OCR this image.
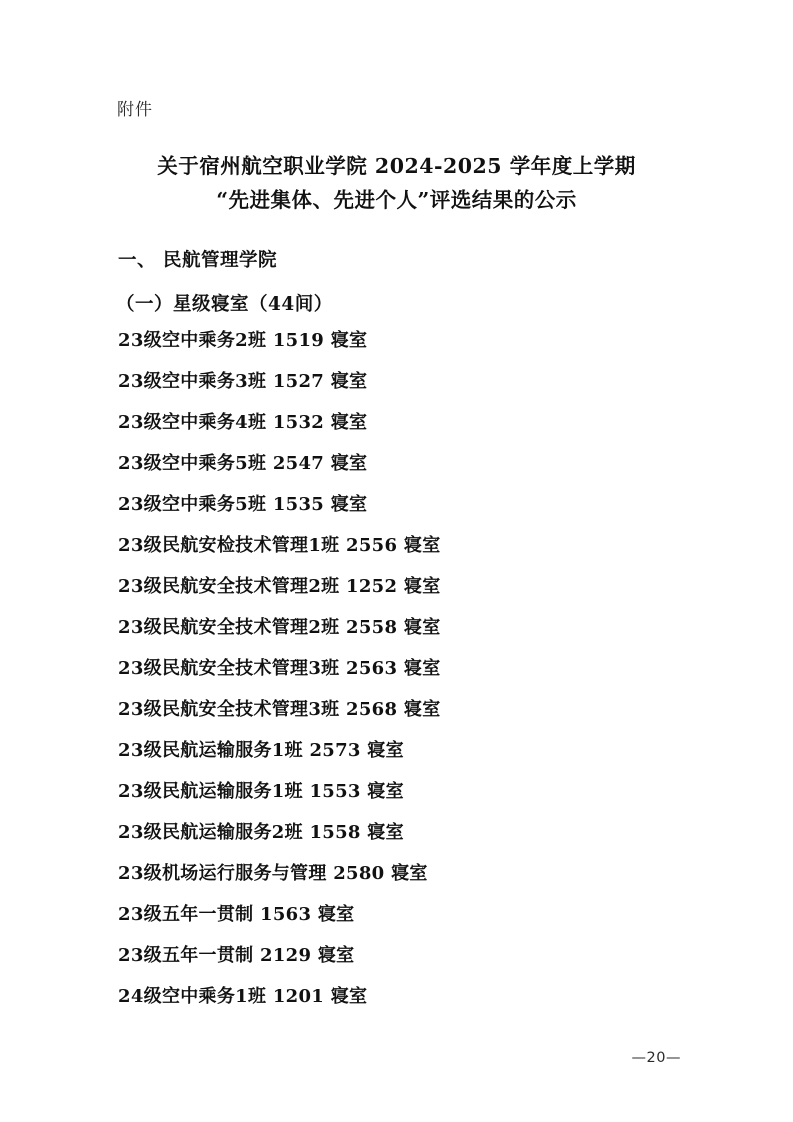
附件
关于宿州航空职业学院 2024-2025 学年度上学期
“先进集体、先进个人”评选结果的公示
一、 民航管理学院
（一）星级寝室（44间）
23级空中乘务2班 1519 寝室
23级空中乘务3班 1527 寝室
23级空中乘务4班 1532 寝室
23级空中乘务5班 2547 寝室
23级空中乘务5班 1535 寝室
23级民航安检技术管理1班 2556 寝室
23级民航安全技术管理2班 1252 寝室
23级民航安全技术管理2班 2558 寝室
23级民航安全技术管理3班 2563 寝室
23级民航安全技术管理3班 2568 寝室
23级民航运输服务1班 2573 寝室
23级民航运输服务1班 1553 寝室
23级民航运输服务2班 1558 寝室
23级机场运行服务与管理 2580 寝室
23级五年一贯制 1563 寝室
23级五年一贯制 2129 寝室
24级空中乘务1班 1201 寝室
—20—
